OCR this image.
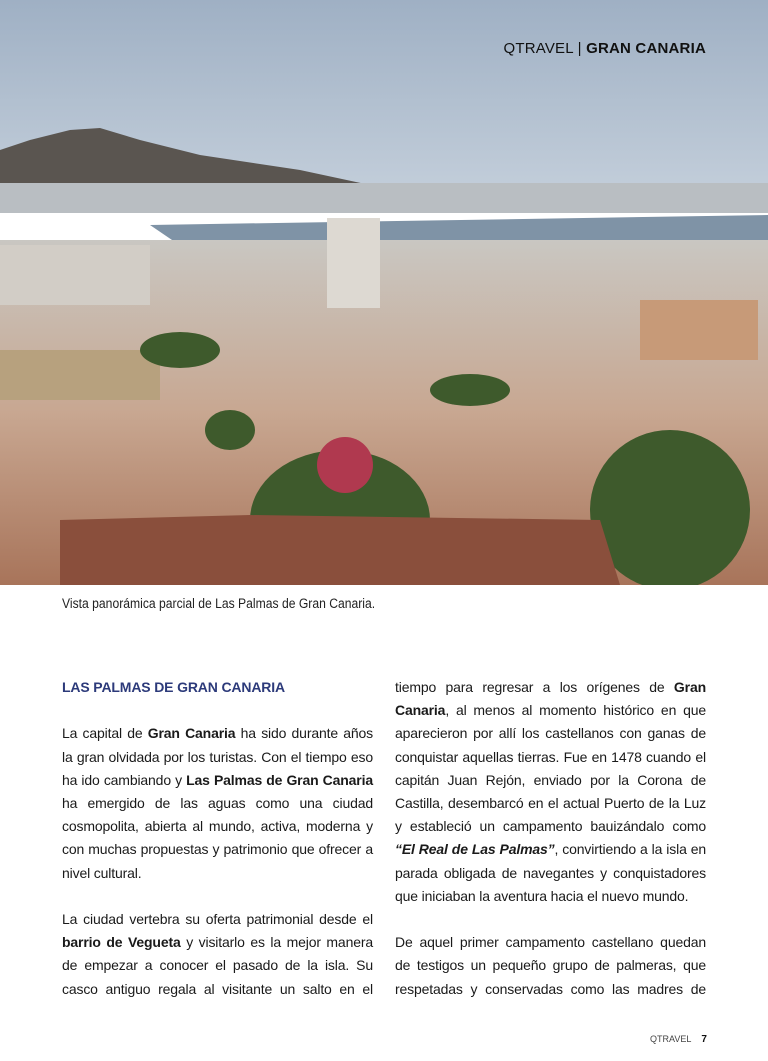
QTRAVEL | GRAN CANARIA
Vista panorámica parcial de Las Palmas de Gran Canaria.
LAS PALMAS DE GRAN CANARIA

La capital de Gran Canaria ha sido durante años la gran olvidada por los turistas. Con el tiempo eso ha ido cambiando y Las Palmas de Gran Canaria ha emergido de las aguas como una ciudad cosmopolita, abierta al mundo, activa, moderna y con muchas propuestas y patrimonio que ofrecer a nivel cultural.

La ciudad vertebra su oferta patrimonial desde el barrio de Vegueta y visitarlo es la mejor manera de empezar a conocer el pasado de la isla. Su casco antiguo regala al visitante un salto en el

tiempo para regresar a los orígenes de Gran Canaria, al menos al momento histórico en que aparecieron por allí los castellanos con ganas de conquistar aquellas tierras. Fue en 1478 cuando el capitán Juan Rejón, enviado por la Corona de Castilla, desembarcó en el actual Puerto de la Luz y estableció un campamento bauizándalo como “El Real de Las Palmas”, convirtiendo a la isla en parada obligada de navegantes y conquistadores que iniciaban la aventura hacia el nuevo mundo.

De aquel primer campamento castellano quedan de testigos un pequeño grupo de palmeras, que respetadas y conservadas como las madres de

QTRAVEL 7
